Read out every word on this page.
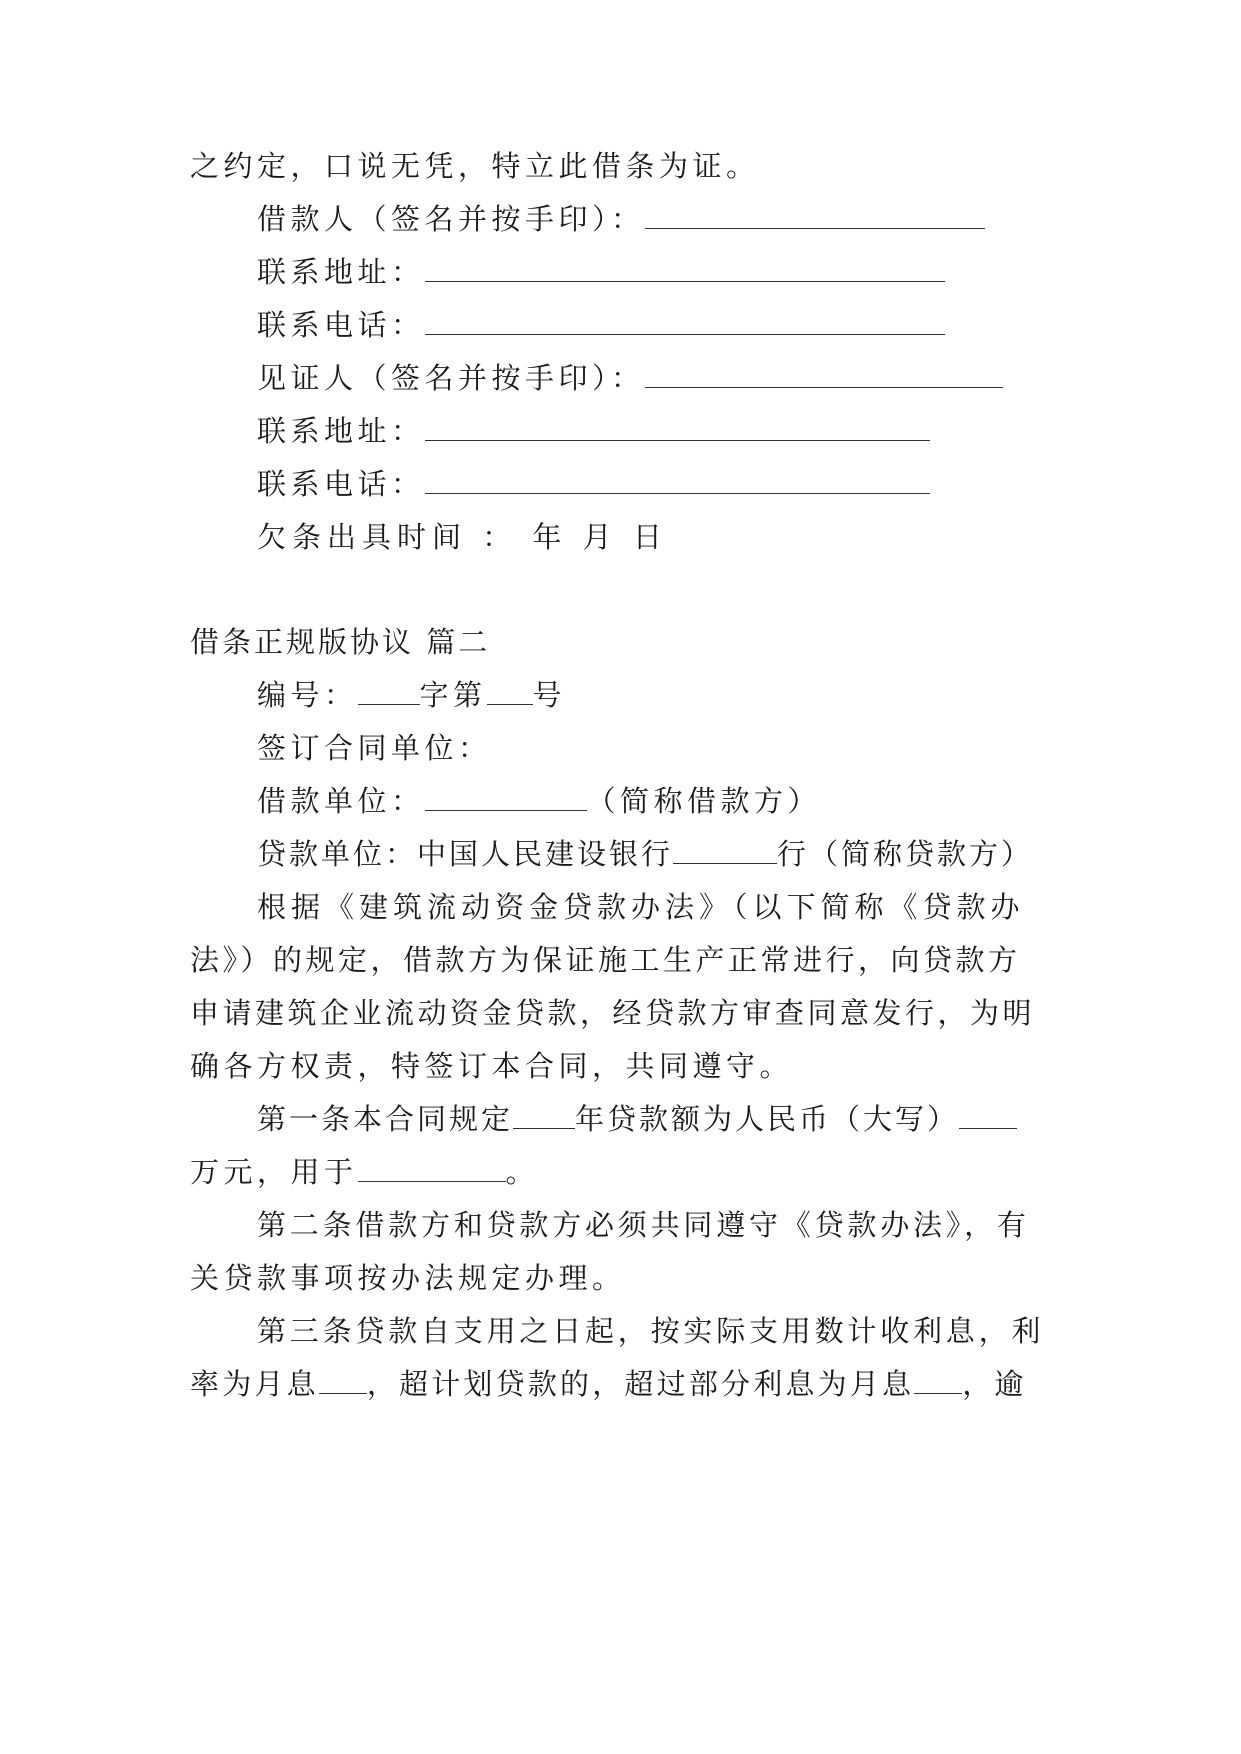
之约定，口说无凭，特立此借条为证。
借款人（签名并按手印）：
联系地址：
联系电话：
见证人（签名并按手印）：
联系地址：
联系电话：
欠条出具时间 ： 年 月 日
借条正规版协议 篇二
编号： 字第 号
签订合同单位：
借款单位：	（简称借款方）
贷款单位：中国人民建设银行	行（简称贷款方）
根据《建筑流动资金贷款办法》（以下简称《贷款办
法》）的规定，借款方为保证施工生产正常进行，向贷款方
申请建筑企业流动资金贷款，经贷款方审查同意发行，为明
确各方权责，特签订本合同，共同遵守。
第一条本合同规定 年贷款额为人民币（大写）
万元，用于	。
第二条借款方和贷款方必须共同遵守《贷款办法》，有
关贷款事项按办法规定办理。
第三条贷款自支用之日起，按实际支用数计收利息，利
率为月息 ，超计划贷款的，超过部分利息为月息 ，逾
